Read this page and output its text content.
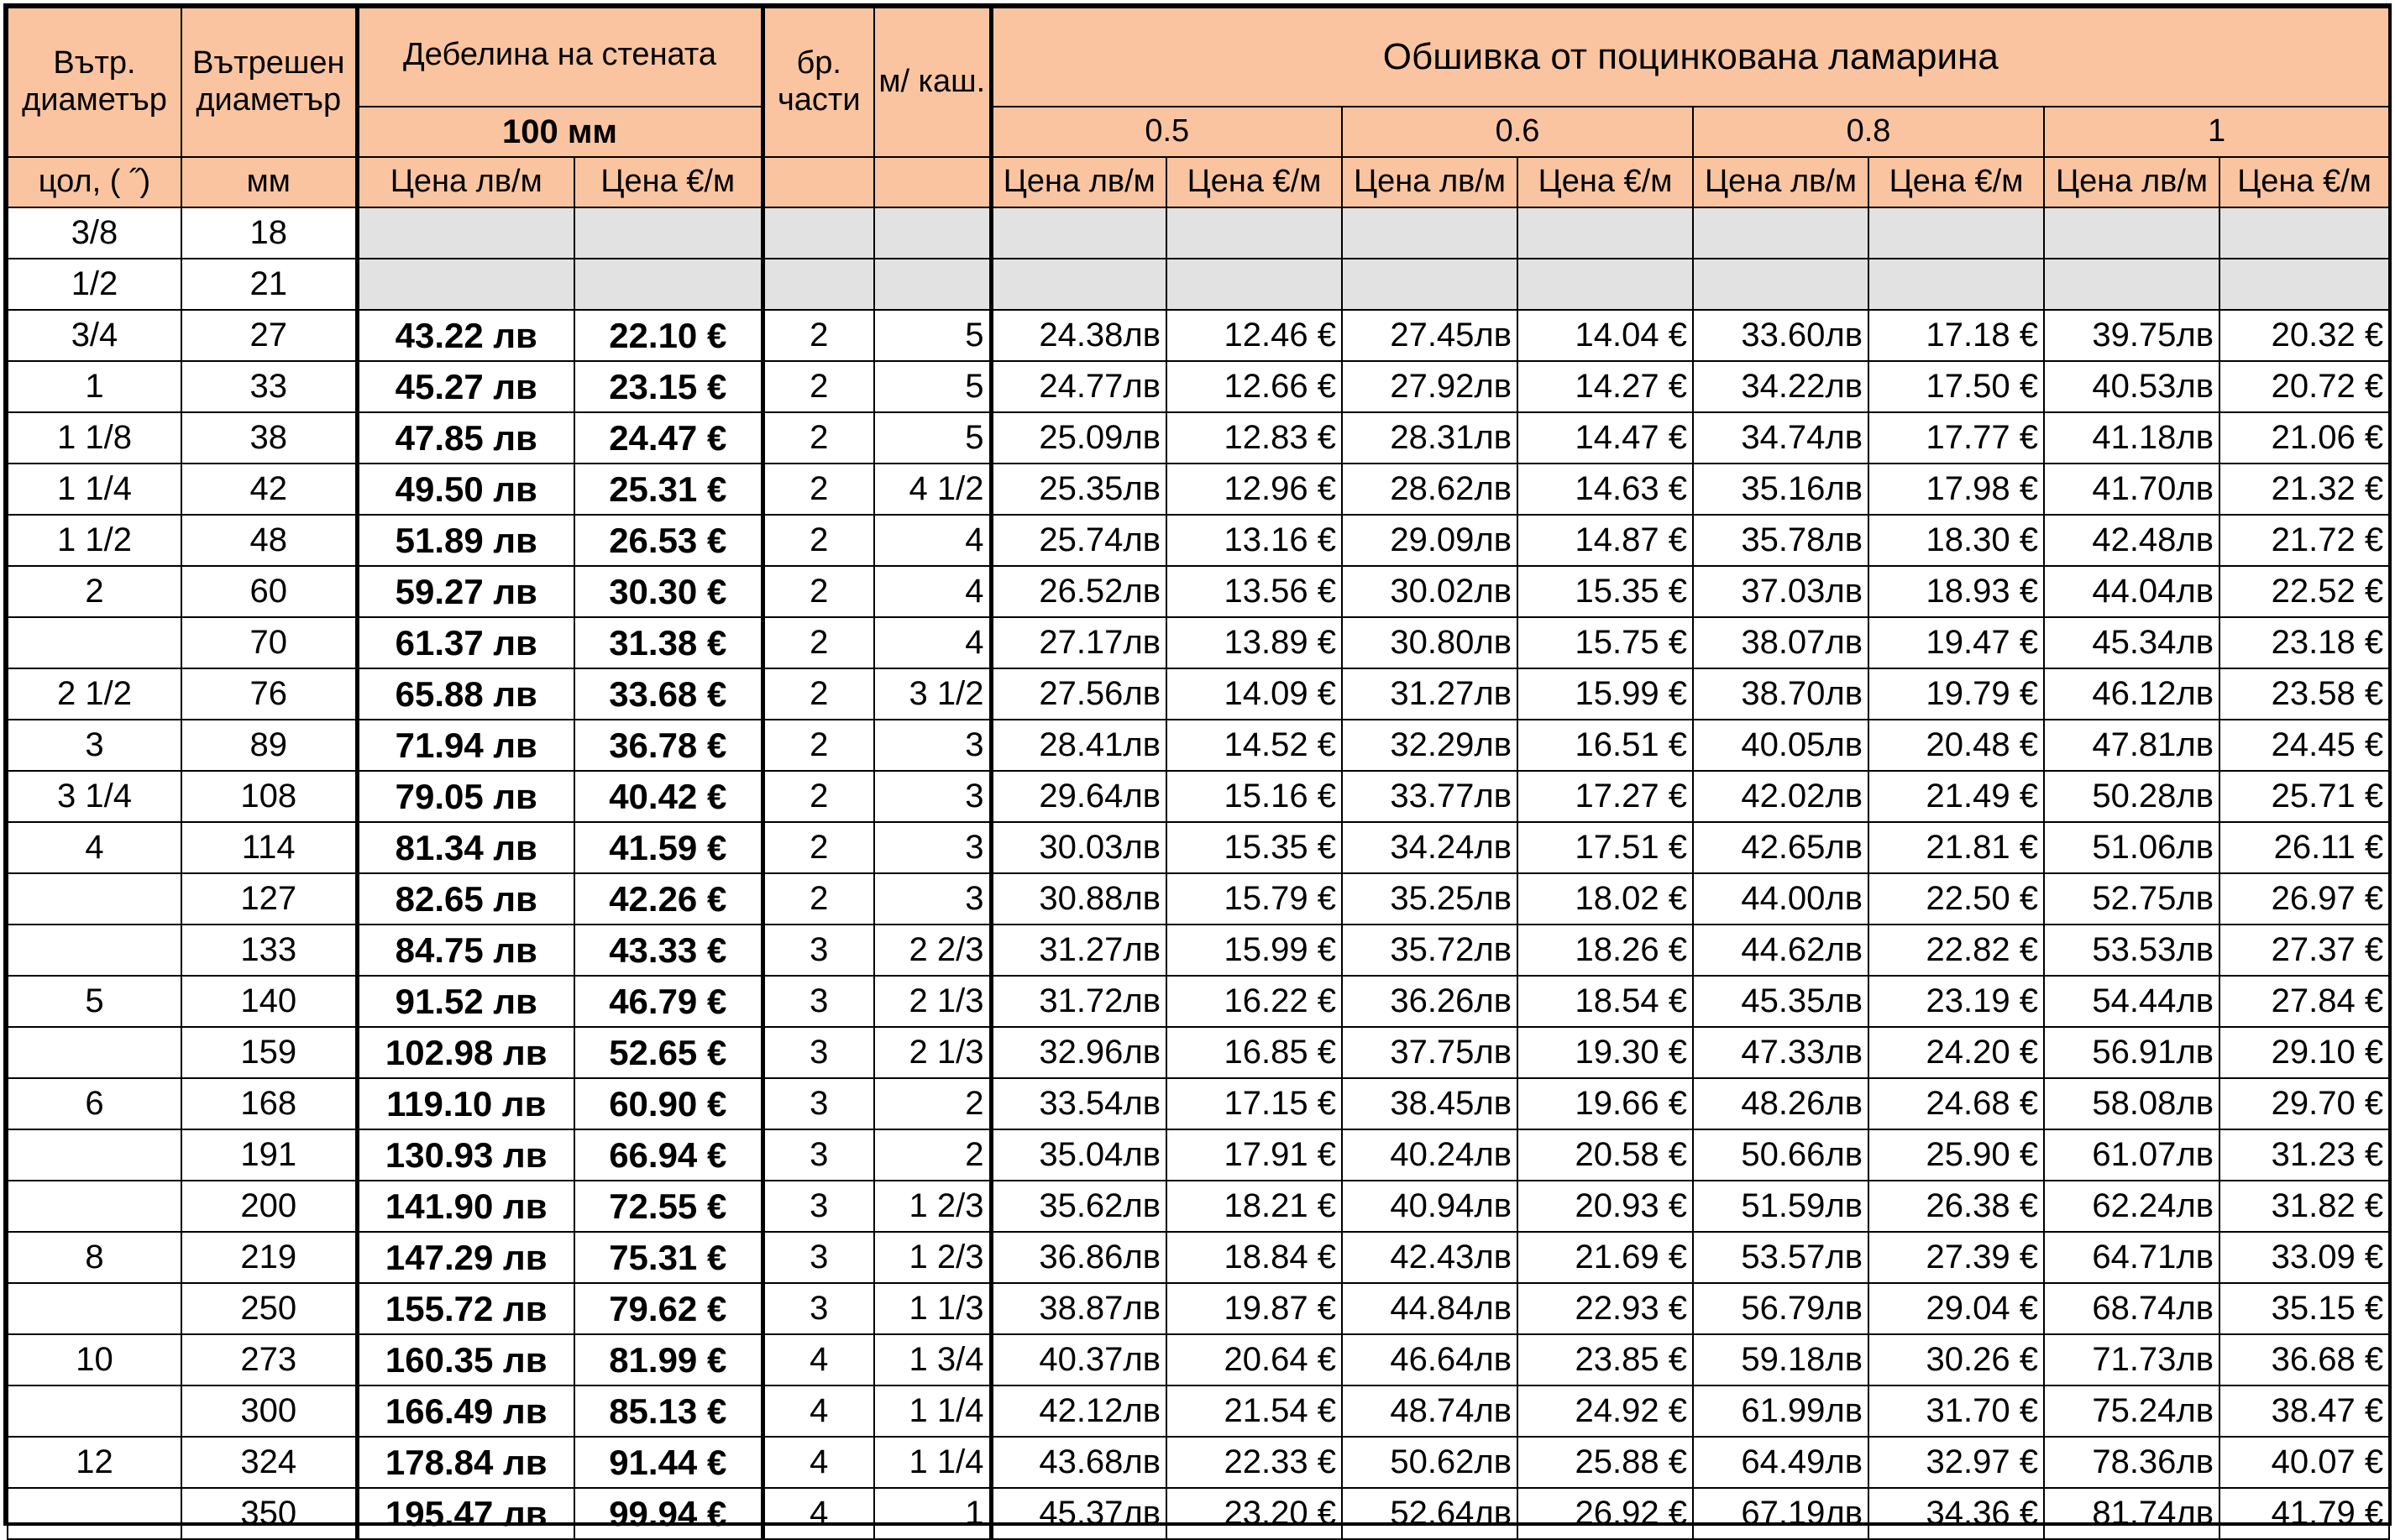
Вътр. диаметър	Вътрешен диаметър	Дебелина на стената		бр. части	м/ каш.	Обшивка от поцинкована ламарина							
		100 мм				0.5		0.6		0.8		1	
цол, ( ˝)	мм	Цена лв/м	Цена €/м			Цена лв/м	Цена €/м	Цена лв/м	Цена €/м	Цена лв/м	Цена €/м	Цена лв/м	Цена €/м
3/8	18												
1/2	21												
3/4	27	43.22 лв	22.10 €	2	5	24.38лв	12.46 €	27.45лв	14.04 €	33.60лв	17.18 €	39.75лв	20.32 €
1	33	45.27 лв	23.15 €	2	5	24.77лв	12.66 €	27.92лв	14.27 €	34.22лв	17.50 €	40.53лв	20.72 €
1 1/8	38	47.85 лв	24.47 €	2	5	25.09лв	12.83 €	28.31лв	14.47 €	34.74лв	17.77 €	41.18лв	21.06 €
1 1/4	42	49.50 лв	25.31 €	2	4 1/2	25.35лв	12.96 €	28.62лв	14.63 €	35.16лв	17.98 €	41.70лв	21.32 €
1 1/2	48	51.89 лв	26.53 €	2	4	25.74лв	13.16 €	29.09лв	14.87 €	35.78лв	18.30 €	42.48лв	21.72 €
2	60	59.27 лв	30.30 €	2	4	26.52лв	13.56 €	30.02лв	15.35 €	37.03лв	18.93 €	44.04лв	22.52 €
	70	61.37 лв	31.38 €	2	4	27.17лв	13.89 €	30.80лв	15.75 €	38.07лв	19.47 €	45.34лв	23.18 €
2 1/2	76	65.88 лв	33.68 €	2	3 1/2	27.56лв	14.09 €	31.27лв	15.99 €	38.70лв	19.79 €	46.12лв	23.58 €
3	89	71.94 лв	36.78 €	2	3	28.41лв	14.52 €	32.29лв	16.51 €	40.05лв	20.48 €	47.81лв	24.45 €
3 1/4	108	79.05 лв	40.42 €	2	3	29.64лв	15.16 €	33.77лв	17.27 €	42.02лв	21.49 €	50.28лв	25.71 €
4	114	81.34 лв	41.59 €	2	3	30.03лв	15.35 €	34.24лв	17.51 €	42.65лв	21.81 €	51.06лв	26.11 €
	127	82.65 лв	42.26 €	2	3	30.88лв	15.79 €	35.25лв	18.02 €	44.00лв	22.50 €	52.75лв	26.97 €
	133	84.75 лв	43.33 €	3	2 2/3	31.27лв	15.99 €	35.72лв	18.26 €	44.62лв	22.82 €	53.53лв	27.37 €
5	140	91.52 лв	46.79 €	3	2 1/3	31.72лв	16.22 €	36.26лв	18.54 €	45.35лв	23.19 €	54.44лв	27.84 €
	159	102.98 лв	52.65 €	3	2 1/3	32.96лв	16.85 €	37.75лв	19.30 €	47.33лв	24.20 €	56.91лв	29.10 €
6	168	119.10 лв	60.90 €	3	2	33.54лв	17.15 €	38.45лв	19.66 €	48.26лв	24.68 €	58.08лв	29.70 €
	191	130.93 лв	66.94 €	3	2	35.04лв	17.91 €	40.24лв	20.58 €	50.66лв	25.90 €	61.07лв	31.23 €
	200	141.90 лв	72.55 €	3	1 2/3	35.62лв	18.21 €	40.94лв	20.93 €	51.59лв	26.38 €	62.24лв	31.82 €
8	219	147.29 лв	75.31 €	3	1 2/3	36.86лв	18.84 €	42.43лв	21.69 €	53.57лв	27.39 €	64.71лв	33.09 €
	250	155.72 лв	79.62 €	3	1 1/3	38.87лв	19.87 €	44.84лв	22.93 €	56.79лв	29.04 €	68.74лв	35.15 €
10	273	160.35 лв	81.99 €	4	1 3/4	40.37лв	20.64 €	46.64лв	23.85 €	59.18лв	30.26 €	71.73лв	36.68 €
	300	166.49 лв	85.13 €	4	1 1/4	42.12лв	21.54 €	48.74лв	24.92 €	61.99лв	31.70 €	75.24лв	38.47 €
12	324	178.84 лв	91.44 €	4	1 1/4	43.68лв	22.33 €	50.62лв	25.88 €	64.49лв	32.97 €	78.36лв	40.07 €
	350	195.47 лв	99.94 €	4	1	45.37лв	23.20 €	52.64лв	26.92 €	67.19лв	34.36 €	81.74лв	41.79 €
